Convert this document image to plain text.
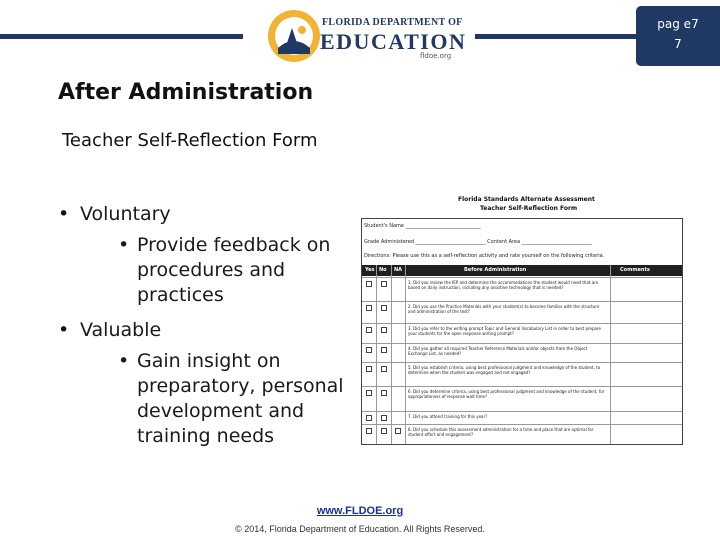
FLORIDA DEPARTMENT OF
EDUCATION
fldoe.org
pag e77
After Administration
Teacher Self-Reflection Form
• Voluntary
• Provide feedback on procedures and practices
• Valuable
• Gain insight on preparatory, personal development and training needs
Florida Standards Alternate Assessment
Teacher Self-Reflection Form
Student's Name ______________________________
Grade Administered ____________________________ Content Area ____________________________
Directions: Please use this as a self-reflection activity and rate yourself on the following criteria.
Yes No NA	Before Administration	Comments
1. Did you review the IEP and determine the accommodations the student would need that are based on daily instruction, including any assistive technology that is needed?
2. Did you use the Practice Materials with your student(s) to become familiar with the structure and administration of the test?
3. Did you refer to the writing prompt Topic and General Vocabulary List in order to best prepare your students for the open response writing prompt?
4. Did you gather all required Teacher Reference Materials and/or objects from the Object Exchange List, as needed?
5. Did you establish criteria, using best professional judgment and knowledge of the student, to determine when the student was engaged and not engaged?
6. Did you determine criteria, using best professional judgment and knowledge of the student, for appropriateness of response wait time?
7. Did you attend training for this year?
8. Did you schedule this assessment administration for a time and place that are optimal for student effort and engagement?
www.FLDOE.org
© 2014, Florida Department of Education. All Rights Reserved.
